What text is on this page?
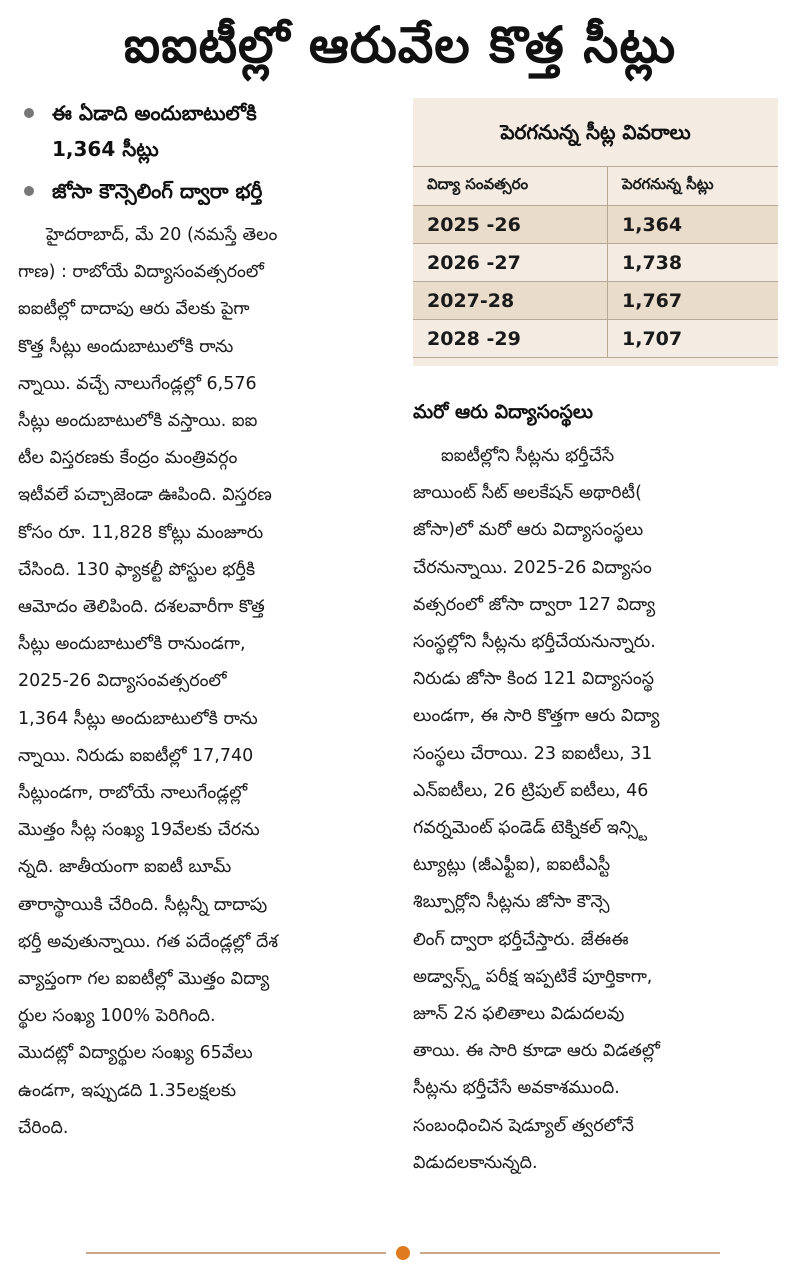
ఐఐటీల్లో ఆరువేల కొత్త సీట్లు
ఈ ఏడాది అందుబాటులోకి
1,364 సీట్లు
జోసా కౌన్సెలింగ్ ద్వారా భర్తీ
హైదరాబాద్, మే 20 (నమస్తే తెలం
గాణ) : రాబోయే విద్యాసంవత్సరంలో
ఐఐటీల్లో దాదాపు ఆరు వేలకు పైగా
కొత్త సీట్లు అందుబాటులోకి రాను
న్నాయి. వచ్చే నాలుగేండ్లల్లో 6,576
సీట్లు అందుబాటులోకి వస్తాయి. ఐఐ
టీల విస్తరణకు కేంద్రం మంత్రివర్గం
ఇటీవలే పచ్చాజెండా ఊపింది. విస్తరణ
కోసం రూ. 11,828 కోట్లు మంజూరు
చేసింది. 130 ఫ్యాకల్టీ పోస్టుల భర్తీకి
ఆమోదం తెలిపింది. దశలవారీగా కొత్త
సీట్లు అందుబాటులోకి రానుండగా,
2025-26 విద్యాసంవత్సరంలో
1,364 సీట్లు అందుబాటులోకి రాను
న్నాయి. నిరుడు ఐఐటీల్లో 17,740
సీట్లుండగా, రాబోయే నాలుగేండ్లల్లో
మొత్తం సీట్ల సంఖ్య 19వేలకు చేరను
న్నది. జాతీయంగా ఐఐటీ బూమ్
తారాస్థాయికి చేరింది. సీట్లన్నీ దాదాపు
భర్తీ అవుతున్నాయి. గత పదేండ్లల్లో దేశ
వ్యాప్తంగా గల ఐఐటీల్లో మొత్తం విద్యా
ర్థుల సంఖ్య 100% పెరిగింది.
మొదట్లో విద్యార్థుల సంఖ్య 65వేలు
ఉండగా, ఇప్పుడది 1.35లక్షలకు
చేరింది.
పెరగనున్న సీట్ల వివరాలు
విద్యా సంవత్సరం	పెరగనున్న సీట్లు
2025 -26	1,364
2026 -27	1,738
2027-28	1,767
2028 -29	1,707
మరో ఆరు విద్యాసంస్థలు
ఐఐటీల్లోని సీట్లను భర్తీచేసే
జాయింట్ సీట్ అలకేషన్ అథారిటీ(
జోసా)లో మరో ఆరు విద్యాసంస్థలు
చేరనున్నాయి. 2025-26 విద్యాసం
వత్సరంలో జోసా ద్వారా 127 విద్యా
సంస్థల్లోని సీట్లను భర్తీచేయనున్నారు.
నిరుడు జోసా కింద 121 విద్యాసంస్థ
లుండగా, ఈ సారి కొత్తగా ఆరు విద్యా
సంస్థలు చేరాయి. 23 ఐఐటీలు, 31
ఎన్ఐటీలు, 26 ట్రిపుల్ ఐటీలు, 46
గవర్నమెంట్ ఫండెడ్ టెక్నికల్ ఇన్స్టి
ట్యూట్లు (జీఎఫ్టీఐ), ఐఐటీఎస్టీ
శిబ్పూర్లోని సీట్లను జోసా కౌన్సె
లింగ్ ద్వారా భర్తీచేస్తారు. జేఈఈ
అడ్వాన్స్డ్ పరీక్ష ఇప్పటికే పూర్తికాగా,
జూన్ 2న ఫలితాలు విడుదలవు
తాయి. ఈ సారి కూడా ఆరు విడతల్లో
సీట్లను భర్తీచేసే అవకాశముంది.
సంబంధించిన షెడ్యూల్ త్వరలోనే
విడుదలకానున్నది.
